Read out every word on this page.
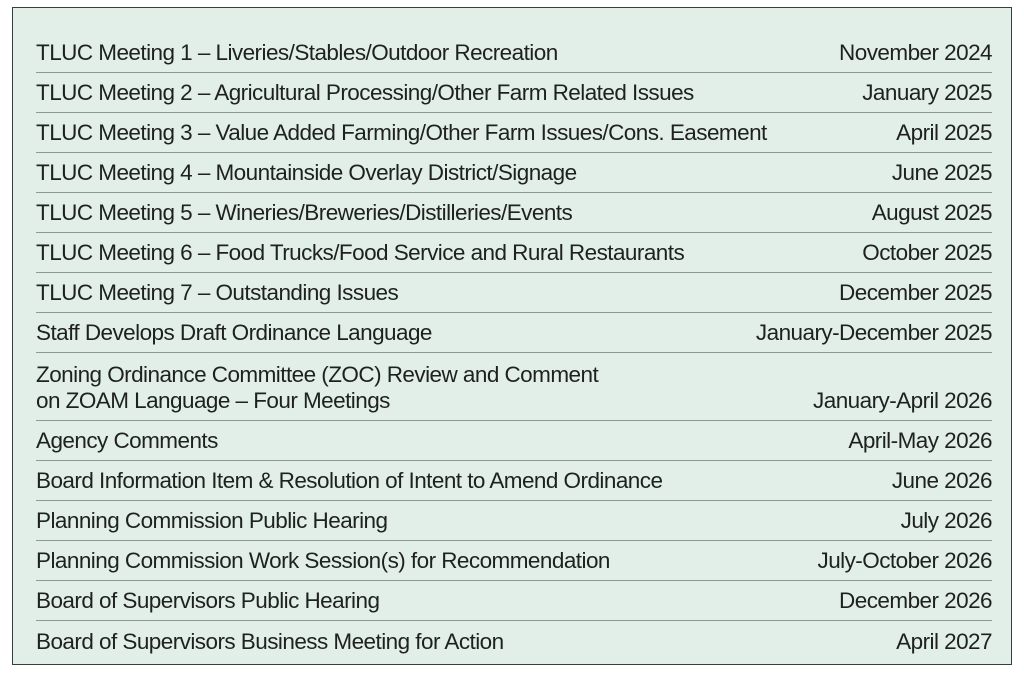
TLUC Meeting 1 – Liveries/Stables/Outdoor Recreation	November 2024
TLUC Meeting 2 – Agricultural Processing/Other Farm Related Issues	January 2025
TLUC Meeting 3 – Value Added Farming/Other Farm Issues/Cons. Easement	April 2025
TLUC Meeting 4 – Mountainside Overlay District/Signage	June 2025
TLUC Meeting 5 – Wineries/Breweries/Distilleries/Events	August 2025
TLUC Meeting 6 – Food Trucks/Food Service and Rural Restaurants	October 2025
TLUC Meeting 7 – Outstanding Issues	December 2025
Staff Develops Draft Ordinance Language	January-December 2025
Zoning Ordinance Committee (ZOC) Review and Comment
on ZOAM Language – Four Meetings	January-April 2026
Agency Comments	April-May 2026
Board Information Item & Resolution of Intent to Amend Ordinance	June 2026
Planning Commission Public Hearing	July 2026
Planning Commission Work Session(s) for Recommendation	July-October 2026
Board of Supervisors Public Hearing	December 2026
Board of Supervisors Business Meeting for Action	April 2027
